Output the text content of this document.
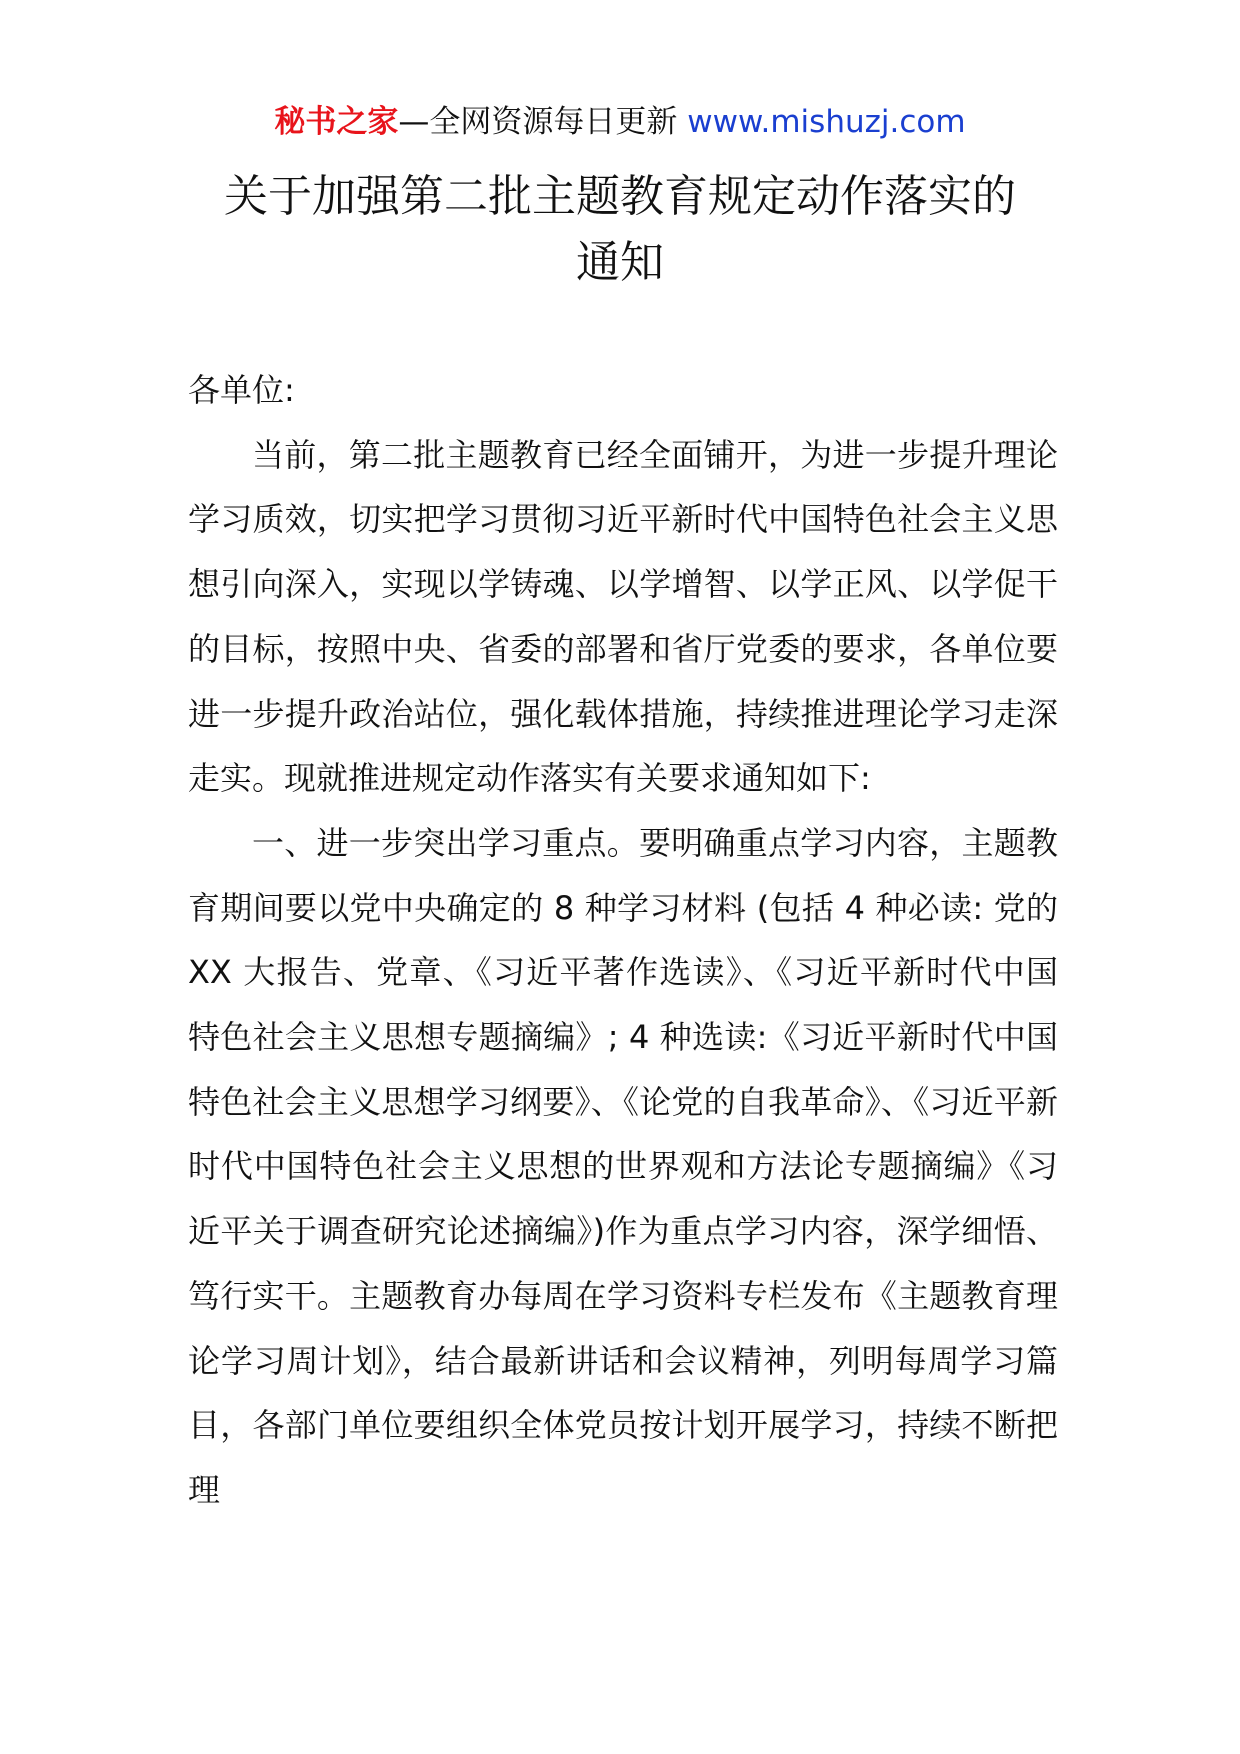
秘书之家—全网资源每日更新 www.mishuzj.com
关于加强第二批主题教育规定动作落实的
通知

各单位:

当前，第二批主题教育已经全面铺开，为进一步提升理论学习质效，切实把学习贯彻习近平新时代中国特色社会主义思想引向深入，实现以学铸魂、以学增智、以学正风、以学促干的目标，按照中央、省委的部署和省厅党委的要求，各单位要进一步提升政治站位，强化载体措施，持续推进理论学习走深走实。现就推进规定动作落实有关要求通知如下:

一、进一步突出学习重点。要明确重点学习内容，主题教育期间要以党中央确定的 8 种学习材料 (包括 4 种必读: 党的 XX 大报告、党章、《习近平著作选读》、《习近平新时代中国特色社会主义思想专题摘编》; 4 种选读:《习近平新时代中国特色社会主义思想学习纲要》、《论党的自我革命》、《习近平新时代中国特色社会主义思想的世界观和方法论专题摘编》《习近平关于调查研究论述摘编》)作为重点学习内容，深学细悟、笃行实干。主题教育办每周在学习资料专栏发布《主题教育理论学习周计划》，结合最新讲话和会议精神，列明每周学习篇目，各部门单位要组织全体党员按计划开展学习，持续不断把理
